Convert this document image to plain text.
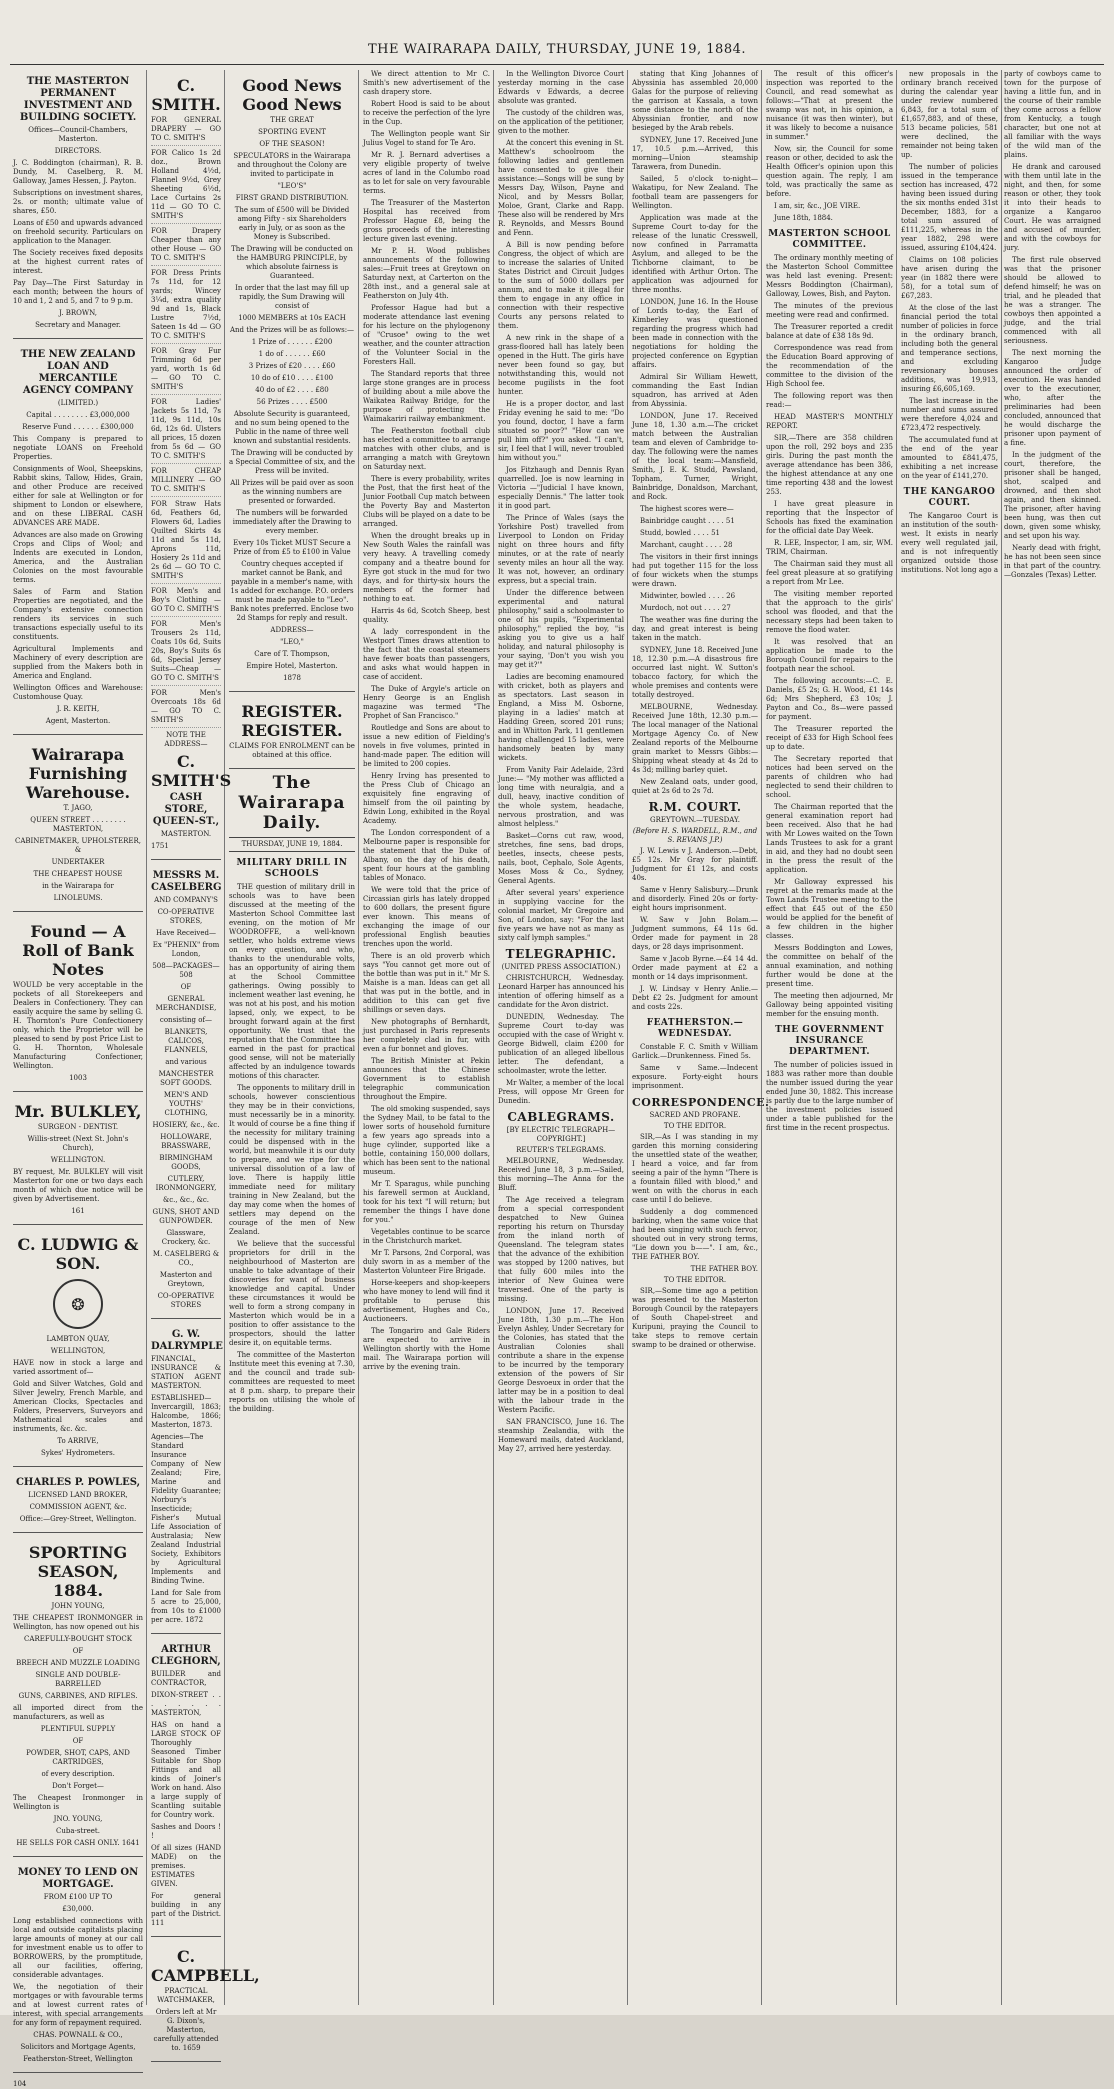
THE WAIRARAPA DAILY, THURSDAY, JUNE 19, 1884.
THE MASTERTON PERMANENT INVESTMENT AND BUILDING SOCIETY.

Offices—Council-Chambers, Masterton.

DIRECTORS.

J. C. Boddington (chairman), R. B. Dundy, M. Caselberg, R. M. Galloway, James Hessen, J. Payton.

Subscriptions on investment shares, 2s. or month; ultimate value of shares, £50.

Loans of £50 and upwards advanced on freehold security. Particulars on application to the Manager.

The Society receives fixed deposits at the highest current rates of interest.

Pay Day—The First Saturday in each month; between the hours of 10 and 1, 2 and 5, and 7 to 9 p.m.

J. BROWN,

Secretary and Manager.

THE NEW ZEALAND LOAN AND MERCANTILE AGENCY COMPANY

(LIMITED.)

Capital . . . . . . . . £3,000,000

Reserve Fund . . . . . . £300,000

This Company is prepared to negotiate LOANS on Freehold Properties.

Consignments of Wool, Sheepskins, Rabbit skins, Tallow, Hides, Grain, and other Produce are received either for sale at Wellington or for shipment to London or elsewhere, and on these LIBERAL CASH ADVANCES ARE MADE.

Advances are also made on Growing Crops and Clips of Wool; and Indents are executed in London, America, and the Australian Colonies on the most favourable terms.

Sales of Farm and Station Properties are negotiated, and the Company's extensive connection renders its services in such transactions especially useful to its constituents.

Agricultural Implements and Machinery of every description are supplied from the Makers both in America and England.

Wellington Offices and Warehouse: Customhouse Quay.

J. R. KEITH,

Agent, Masterton.

Wairarapa Furnishing Warehouse.

T. JAGO,

QUEEN STREET . . . . . . . . MASTERTON,

CABINETMAKER, UPHOLSTERER, &

UNDERTAKER

THE CHEAPEST HOUSE

in the Wairarapa for

LINOLEUMS.

Found — A Roll of Bank Notes

WOULD be very acceptable in the pockets of all Storekeepers and Dealers in Confectionery. They can easily acquire the same by selling G. H. Thornton's Pure Confectionery only, which the Proprietor will be pleased to send by post Price List to G. H. Thornton, Wholesale Manufacturing Confectioner, Wellington.

1003

Mr. BULKLEY,

SURGEON - DENTIST.

Willis-street (Next St. John's Church),

WELLINGTON.

BY request, Mr. BULKLEY will visit Masterton for one or two days each month of which due notice will be given by Advertisement.

161

C. LUDWIG & SON.
❂

LAMBTON QUAY,

WELLINGTON,

HAVE now in stock a large and varied assortment of—

Gold and Silver Watches, Gold and Silver Jewelry, French Marble, and American Clocks, Spectacles and Folders, Preservers, Surveyors and Mathematical scales and instruments, &c. &c.

To ARRIVE,

Sykes' Hydrometers.

CHARLES P. POWLES,

LICENSED LAND BROKER,

COMMISSION AGENT, &c.

Office:—Grey-Street, Wellington.

SPORTING SEASON, 1884.

JOHN YOUNG,

THE CHEAPEST IRONMONGER in Wellington, has now opened out his

CAREFULLY-BOUGHT STOCK

OF

BREECH AND MUZZLE LOADING

SINGLE AND DOUBLE-BARRELLED

GUNS, CARBINES, AND RIFLES.

all imported direct from the manufacturers, as well as

PLENTIFUL SUPPLY

OF

POWDER, SHOT, CAPS, AND CARTRIDGES,

of every description.

Don't Forget—

The Cheapest Ironmonger in Wellington is

JNO. YOUNG,

Cuba-street.

HE SELLS FOR CASH ONLY. 1641

MONEY TO LEND ON MORTGAGE.

FROM £100 UP TO

£30,000.

Long established connections with local and outside capitalists placing large amounts of money at our call for investment enable us to offer to BORROWERS, by the promptitude, all our facilities, offering, considerable advantages.

We, the negotiation of their mortgages or with favourable terms and at lowest current rates of interest, with special arrangements for any form of repayment required.

CHAS. POWNALL & CO.,

Solicitors and Mortgage Agents,

Featherston-Street, Wellington

104

C. SMITH.

FOR GENERAL DRAPERY — GO TO C. SMITH'S

FOR Calico 1s 2d doz., Brown Holland 4½d, Flannel 9½d, Grey Sheeting 6½d, Lace Curtains 2s 11d — GO TO C. SMITH'S

FOR Drapery Cheaper than any other House — GO TO C. SMITH'S

FOR Dress Prints 7s 11d, for 12 yards; Wincey 3¼d, extra quality 9d and 1s, Black Lustre 7½d, Sateen 1s 4d — GO TO C. SMITH'S

FOR Gray Fur Trimming 6d per yard, worth 1s 6d — GO TO C. SMITH'S

FOR Ladies' Jackets 5s 11d, 7s 11d, 9s 11d, 10s 6d, 12s 6d. Ulsters all prices, 15 dozen from 5s 6d — GO TO C. SMITH'S

FOR CHEAP MILLINERY — GO TO C. SMITH'S

FOR Straw Hats 6d, Feathers 6d, Flowers 6d, Ladies Quilted Skirts 4s 11d and 5s 11d, Aprons 11d, Hosiery 2s 11d and 2s 6d — GO TO C. SMITH'S

FOR Men's and Boy's Clothing — GO TO C. SMITH'S

FOR Men's Trousers 2s 11d, Coats 10s 6d, Suits 20s, Boy's Suits 6s 6d, Special Jersey Suits—Cheap — GO TO C. SMITH'S

FOR Men's Overcoats 18s 6d — GO TO C. SMITH'S

NOTE THE ADDRESS—

C. SMITH'S
CASH STORE, QUEEN-ST.,

MASTERTON.

1751

MESSRS M. CASELBERG

AND COMPANY'S

CO-OPERATIVE STORES,

Have Received—

Ex "PHENIX" from London,

508—PACKAGES—508

OF

GENERAL MERCHANDISE,

consisting of—

BLANKETS, CALICOS, FLANNELS,

and various

MANCHESTER SOFT GOODS.

MEN'S AND YOUTHS' CLOTHING,

HOSIERY, &c., &c.

HOLLOWARE, BRASSWARE,

BIRMINGHAM GOODS,

CUTLERY, IRONMONGERY,

&c., &c., &c.

GUNS, SHOT AND GUNPOWDER.

Glassware, Crockery, &c.

M. CASELBERG & CO.,

Masterton and Greytown,

CO-OPERATIVE STORES

G. W. DALRYMPLE

FINANCIAL, INSURANCE & STATION AGENT MASTERTON.

ESTABLISHED—Invercargill, 1863; Halcombe, 1866; Masterton, 1873.

Agencies—The Standard Insurance Company of New Zealand; Fire, Marine and Fidelity Guarantee; Norbury's Insecticide; Fisher's Mutual Life Association of Australasia; New Zealand Industrial Society, Exhibitors by Agricultural Implements and Binding Twine.

Land for Sale from 5 acre to 25,000, from 10s to £1000 per acre. 1872

ARTHUR CLEGHORN,

BUILDER and CONTRACTOR,

DIXON-STREET . . . . . . . . MASTERTON,

HAS on hand a LARGE STOCK OF Thoroughly Seasoned Timber Suitable for Shop Fittings and all kinds of Joiner's Work on hand. Also a large supply of Scantling suitable for Country work.

Sashes and Doors ! !

Of all sizes (HAND MADE) on the premises. ESTIMATES GIVEN.

For general building in any part of the District. 111

C. CAMPBELL,

PRACTICAL WATCHMAKER,

Orders left at Mr G. Dixon's, Masterton, carefully attended to. 1659

Good News Good News

THE GREAT

SPORTING EVENT

OF THE SEASON!

SPECULATORS in the Wairarapa and throughout the Colony are invited to participate in

"LEO'S"

FIRST GRAND DISTRIBUTION.

The sum of £500 will be Divided among Fifty - six Shareholders early in July, or as soon as the Money is Subscribed.

The Drawing will be conducted on the HAMBURG PRINCIPLE, by which absolute fairness is Guaranteed.

In order that the last may fill up rapidly, the Sum Drawing will consist of

1000 MEMBERS at 10s EACH

And the Prizes will be as follows:—

1 Prize of . . . . . . £200

1 do of . . . . . . £60

3 Prizes of £20 . . . . £60

10 do of £10 . . . . £100

40 do of £2 . . . . £80

56 Prizes . . . . £500

Absolute Security is guaranteed, and no sum being opened to the Public in the name of three well known and substantial residents.

The Drawing will be conducted by a Special Committee of six, and the Press will be invited.

All Prizes will be paid over as soon as the winning numbers are presented or forwarded.

The numbers will be forwarded immediately after the Drawing to every member.

Every 10s Ticket MUST Secure a Prize of from £5 to £100 in Value

Country cheques accepted if market cannot be Bank, and payable in a member's name, with 1s added for exchange. P.O. orders must be made payable to "Leo". Bank notes preferred. Enclose two 2d Stamps for reply and result.

ADDRESS—

"LEO,"

Care of T. Thompson,

Empire Hotel, Masterton.

1878

REGISTER. REGISTER.

CLAIMS FOR ENROLMENT can be obtained at this office.

The Wairarapa Daily.
THURSDAY, JUNE 19, 1884.
MILITARY DRILL IN SCHOOLS

THE question of military drill in schools was to have been discussed at the meeting of the Masterton School Committee last evening, on the motion of Mr WOODROFFE, a well-known settler, who holds extreme views on every question, and who, thanks to the unendurable volts, has an opportunity of airing them at the School Committee gatherings. Owing possibly to inclement weather last evening, he was not at his post, and his motion lapsed, only, we expect, to be brought forward again at the first opportunity. We trust that the reputation that the Committee has earned in the past for practical good sense, will not be materially affected by an indulgence towards motions of this character.

The opponents to military drill in schools, however conscientious they may be in their convictions, must necessarily be in a minority. It would of course be a fine thing if the necessity for military training could be dispensed with in the world, but meanwhile it is our duty to prepare, and we ripe for the universal dissolution of a law of love. There is happily little immediate need for military training in New Zealand, but the day may come when the homes of settlers may depend on the courage of the men of New Zealand.

We believe that the successful proprietors for drill in the neighbourhood of Masterton are unable to take advantage of their discoveries for want of business knowledge and capital. Under these circumstances it would be well to form a strong company in Masterton which would be in a position to offer assistance to the prospectors, should the latter desire it, on equitable terms.

The committee of the Masterton Institute meet this evening at 7.30, and the council and trade sub-committees are requested to meet at 8 p.m. sharp, to prepare their reports on utilising the whole of the building.

We direct attention to Mr C. Smith's new advertisement of the cash drapery store.

Robert Hood is said to be about to receive the perfection of the lyre in the Cup.

The Wellington people want Sir Julius Vogel to stand for Te Aro.

Mr R. J. Bernard advertises a very eligible property of twelve acres of land in the Columbo road as to let for sale on very favourable terms.

The Treasurer of the Masterton Hospital has received from Professor Hague £8, being the gross proceeds of the interesting lecture given last evening.

Mr P. H. Wood publishes announcements of the following sales:—Fruit trees at Greytown on Saturday next, at Carterton on the 28th inst., and a general sale at Featherston on July 4th.

Professor Hague had but a moderate attendance last evening for his lecture on the phylogenony of "Crusoe" owing to the wet weather, and the counter attraction of the Volunteer Social in the Foresters Hall.

The Standard reports that three large stone granges are in process of building about a mile above the Waikatea Railway Bridge, for the purpose of protecting the Waimakariri railway embankment.

The Featherston football club has elected a committee to arrange matches with other clubs, and is arranging a match with Greytown on Saturday next.

There is every probability, writes the Post, that the first heat of the Junior Football Cup match between the Poverty Bay and Masterton Clubs will be played on a date to be arranged.

When the drought breaks up in New South Wales the rainfall was very heavy. A travelling comedy company and a theatre bound for Eyre got stuck in the mud for two days, and for thirty-six hours the members of the former had nothing to eat.

Harris 4s 6d, Scotch Sheep, best quality.

A lady correspondent in the Westport Times draws attention to the fact that the coastal steamers have fewer boats than passengers, and asks what would happen in case of accident.

The Duke of Argyle's article on Henry George is an English magazine was termed "The Prophet of San Francisco."

Routledge and Sons are about to issue a new edition of Fielding's novels in five volumes, printed in hand-made paper. The edition will be limited to 200 copies.

Henry Irving has presented to the Press Club of Chicago an exquisitely fine engraving of himself from the oil painting by Edwin Long, exhibited in the Royal Academy.

The London correspondent of a Melbourne paper is responsible for the statement that the Duke of Albany, on the day of his death, spent four hours at the gambling tables of Monaco.

We were told that the price of Circassian girls has lately dropped to 600 dollars, the present figure ever known. This means of exchanging the image of our professional English beauties trenches upon the world.

There is an old proverb which says "You cannot get more out of the bottle than was put in it." Mr S. Maishe is a man. Ideas can get all that was put in the bottle, and in addition to this can get five shillings or seven days.

New photographs of Bernhardt, just purchased in Paris represents her completely clad in fur, with even a fur bonnet and gloves.

The British Minister at Pekin announces that the Chinese Government is to establish telegraphic communication throughout the Empire.

The old smoking suspended, says the Sydney Mail, to be fatal to the lower sorts of household furniture a few years ago spreads into a huge cylinder, supported like a bottle, containing 150,000 dollars, which has been sent to the national museum.

Mr T. Sparagus, while punching his farewell sermon at Auckland, took for his text "I will return; but remember the things I have done for you."

Vegetables continue to be scarce in the Christchurch market.

Mr T. Parsons, 2nd Corporal, was duly sworn in as a member of the Masterton Volunteer Fire Brigade.

Horse-keepers and shop-keepers who have money to lend will find it profitable to peruse this advertisement, Hughes and Co., Auctioneers.

The Tongariro and Gale Riders are expected to arrive in Wellington shortly with the Home mail. The Wairarapa portion will arrive by the evening train.

In the Wellington Divorce Court yesterday morning in the case Edwards v Edwards, a decree absolute was granted.

The custody of the children was, on the application of the petitioner, given to the mother.

At the concert this evening in St. Matthew's schoolroom the following ladies and gentlemen have consented to give their assistance:—Songs will be sung by Messrs Day, Wilson, Payne and Nicol, and by Messrs Bollar, Moloe, Grant, Clarke and Rapp. These also will be rendered by Mrs R. Reynolds, and Messrs Bound and Fenn.

A Bill is now pending before Congress, the object of which are to increase the salaries of United States District and Circuit Judges to the sum of 5000 dollars per annum, and to make it illegal for them to engage in any office in connection with their respective Courts any persons related to them.

A new rink in the shape of a grass-floored hall has lately been opened in the Hutt. The girls have never been found so gay, but notwithstanding this, would not become pugilists in the foot hunter.

He is a proper doctor, and last Friday evening he said to me: "Do you found, doctor, I have a farm situated so poor?" "How can we pull him off?" you asked. "I can't, sir, I feel that I will, never troubled him without you."

Jos Fitzhaugh and Dennis Ryan quarrelled. Joe is now learning in Victoria —"Judicial I have known, especially Dennis." The latter took it in good part.

The Prince of Wales (says the Yorkshire Post) travelled from Liverpool to London on Friday night on three hours and fifty minutes, or at the rate of nearly seventy miles an hour all the way. It was not, however, an ordinary express, but a special train.

Under the difference between experimental and natural philosophy," said a schoolmaster to one of his pupils, "Experimental philosophy," replied the boy, "is asking you to give us a half holiday, and natural philosophy is your saying, 'Don't you wish you may get it?'"

Ladies are becoming enamoured with cricket, both as players and as spectators. Last season in England, a Miss M. Osborne, playing in a ladies' match at Hadding Green, scored 201 runs; and in Whitton Park, 11 gentlemen having challenged 15 ladies, were handsomely beaten by many wickets.

From Vanity Fair Adelaide, 23rd June:— "My mother was afflicted a long time with neuralgia, and a dull, heavy, inactive condition of the whole system, headache, nervous prostration, and was almost helpless."

Basket—Corns cut raw, wood, stretches, fine sens, bad drops, beetles, insects, cheese pests, nails, boot, Cephalo, Sole Agents, Moses Moss & Co., Sydney, General Agents.

After several years' experience in supplying vaccine for the colonial market, Mr Gregoire and Son, of London, say: "For the last five years we have not as many as sixty calf lymph samples."

TELEGRAPHIC.
(UNITED PRESS ASSOCIATION.)

CHRISTCHURCH, Wednesday. Leonard Harper has announced his intention of offering himself as a candidate for the Avon district.

DUNEDIN, Wednesday. The Supreme Court to-day was occupied with the case of Wright v. George Bidwell, claim £200 for publication of an alleged libellous letter. The defendant, a schoolmaster, wrote the letter.

Mr Walter, a member of the local Press, will oppose Mr Green for Dunedin.

CABLEGRAMS.
[BY ELECTRIC TELEGRAPH—COPYRIGHT.]
REUTER'S TELEGRAMS.

MELBOURNE, Wednesday. Received June 18, 3 p.m.—Sailed, this morning—The Anna for the Bluff.

The Age received a telegram from a special correspondent despatched to New Guinea reporting his return on Thursday from the inland north of Queensland. The telegram states that the advance of the exhibition was stopped by 1200 natives, but that fully 600 miles into the interior of New Guinea were traversed. One of the party is missing.

LONDON, June 17. Received June 18th, 1.30 p.m.—The Hon Evelyn Ashley, Under Secretary for the Colonies, has stated that the Australian Colonies shall contribute a share in the expense to be incurred by the temporary extension of the powers of Sir George Desvoeux in order that the latter may be in a position to deal with the labour trade in the Western Pacific.

SAN FRANCISCO, June 16. The steamship Zealandia, with the Homeward mails, dated Auckland, May 27, arrived here yesterday.

stating that King Johannes of Abyssinia has assembled 20,000 Galas for the purpose of relieving the garrison at Kassala, a town some distance to the north of the Abyssinian frontier, and now besieged by the Arab rebels.

SYDNEY, June 17. Received June 17, 10.5 p.m.—Arrived, this morning—Union steamship Tarawera, from Dunedin.

Sailed, 5 o'clock to-night—Wakatipu, for New Zealand. The football team are passengers for Wellington.

Application was made at the Supreme Court to-day for the release of the lunatic Cresswell, now confined in Parramatta Asylum, and alleged to be the Tichborne claimant, to be identified with Arthur Orton. The application was adjourned for three months.

LONDON, June 16. In the House of Lords to-day, the Earl of Kimberley was questioned regarding the progress which had been made in connection with the negotiations for holding the projected conference on Egyptian affairs.

Admiral Sir William Hewett, commanding the East Indian squadron, has arrived at Aden from Abyssinia.

LONDON, June 17. Received June 18, 1.30 a.m.—The cricket match between the Australian team and eleven of Cambridge to-day. The following were the names of the local team:—Mansfield, Smith, J. E. K. Studd, Pawsland, Topham, Turner, Wright, Bainbridge, Donaldson, Marchant, and Rock.

The highest scores were—

Bainbridge caught . . . . 51

Studd, bowled . . . . 51

Marchant, caught . . . . 28

The visitors in their first innings had put together 115 for the loss of four wickets when the stumps were drawn.

Midwinter, bowled . . . . 26

Murdoch, not out . . . . 27

The weather was fine during the day, and great interest is being taken in the match.

SYDNEY, June 18. Received June 18, 12.30 p.m.—A disastrous fire occurred last night. W. Sutton's tobacco factory, for which the whole premises and contents were totally destroyed.

MELBOURNE, Wednesday. Received June 18th, 12.30 p.m.—The local manager of the National Mortgage Agency Co. of New Zealand reports of the Melbourne grain market to Messrs Gibbs:—Shipping wheat steady at 4s 2d to 4s 3d; milling barley quiet.

New Zealand oats, under good, quiet at 2s 6d to 2s 7d.

R.M. COURT.
GREYTOWN.—TUESDAY.
(Before H. S. WARDELL, R.M., and S. REVANS J.P.)

J. W. Lewis v J. Anderson.—Debt, £5 12s. Mr Gray for plaintiff. Judgment for £1 12s, and costs 40s.

Same v Henry Salisbury.—Drunk and disorderly. Fined 20s or forty-eight hours imprisonment.

W. Saw v John Bolam.—Judgment summons, £4 11s 6d. Order made for payment in 28 days, or 28 days imprisonment.

Same v Jacob Byrne.—£4 14 4d. Order made payment at £2 a month or 14 days imprisonment.

J. W. Lindsay v Henry Anlie.—Debt £2 2s. Judgment for amount and costs 22s.

FEATHERSTON.—WEDNESDAY.

Constable F. C. Smith v William Garlick.—Drunkenness. Fined 5s.

Same v Same.—Indecent exposure. Forty-eight hours imprisonment.

CORRESPONDENCE.
SACRED AND PROFANE.
TO THE EDITOR.

SIR,—As I was standing in my garden this morning considering the unsettled state of the weather, I heard a voice, and far from seeing a pair of the hymn "There is a fountain filled with blood," and went on with the chorus in each case until I do believe.

Suddenly a dog commenced barking, when the same voice that had been singing with such fervor, shouted out in very strong terms, "Lie down you b——". I am, &c., THE FATHER BOY.

THE FATHER BOY.
TO THE EDITOR.

SIR,—Some time ago a petition was presented to the Masterton Borough Council by the ratepayers of South Chapel-street and Kuripuni, praying the Council to take steps to remove certain swamp to be drained or otherwise.

The result of this officer's inspection was reported to the Council, and read somewhat as follows:—"That at present the swamp was not, in his opinion, a nuisance (it was then winter), but it was likely to become a nuisance in summer."

Now, sir, the Council for some reason or other, decided to ask the Health Officer's opinion upon this question again. The reply, I am told, was practically the same as before.

I am, sir, &c., JOE VIRE.

June 18th, 1884.

MASTERTON SCHOOL COMMITTEE.

The ordinary monthly meeting of the Masterton School Committee was held last evening. Present: Messrs Boddington (Chairman), Galloway, Lowes, Bish, and Payton.

The minutes of the previous meeting were read and confirmed.

The Treasurer reported a credit balance at date of £38 18s 9d.

Correspondence was read from the Education Board approving of the recommendation of the committee to the division of the High School fee.

The following report was then read:—

HEAD MASTER'S MONTHLY REPORT.

SIR,—There are 358 children upon the roll, 292 boys and 235 girls. During the past month the average attendance has been 386, the highest attendance at any one time reporting 438 and the lowest 253.

I have great pleasure in reporting that the Inspector of Schools has fixed the examination for the official date Day Week.

R. LEE, Inspector, I am, sir, WM. TRIM, Chairman.

The Chairman said they must all feel great pleasure at so gratifying a report from Mr Lee.

The visiting member reported that the approach to the girls' school was flooded, and that the necessary steps had been taken to remove the flood water.

It was resolved that an application be made to the Borough Council for repairs to the footpath near the school.

The following accounts:—C. E. Daniels, £5 2s; G. H. Wood, £1 14s 6d; Mrs Shepherd, £3 10s; J. Payton and Co., 8s—were passed for payment.

The Treasurer reported the receipt of £33 for High School fees up to date.

The Secretary reported that notices had been served on the parents of children who had neglected to send their children to school.

The Chairman reported that the general examination report had been received. Also that he had with Mr Lowes waited on the Town Lands Trustees to ask for a grant in aid, and they had no doubt seen in the press the result of the application.

Mr Galloway expressed his regret at the remarks made at the Town Lands Trustee meeting to the effect that £45 out of the £50 would be applied for the benefit of a few children in the higher classes.

Messrs Boddington and Lowes, the committee on behalf of the annual examination, and nothing further would be done at the present time.

The meeting then adjourned, Mr Galloway being appointed visiting member for the ensuing month.

THE GOVERNMENT INSURANCE DEPARTMENT.

The number of policies issued in 1883 was rather more than double the number issued during the year ended June 30, 1882. This increase is partly due to the large number of the investment policies issued under a table published for the first time in the recent prospectus.

new proposals in the ordinary branch received during the calendar year under review numbered 6,843, for a total sum of £1,657,883, and of these, 513 became policies, 581 were declined, the remainder not being taken up.

The number of policies issued in the temperance section has increased, 472 having been issued during the six months ended 31st December, 1883, for a total sum assured of £111,225, whereas in the year 1882, 298 were issued, assuring £104,424.

Claims on 108 policies have arisen during the year (in 1882 there were 58), for a total sum of £67,283.

At the close of the last financial period the total number of policies in force in the ordinary branch, including both the general and temperance sections, and excluding reversionary bonuses additions, was 19,913, insuring £6,605,169.

The last increase in the number and sums assured were therefore 4,024 and £723,472 respectively.

The accumulated fund at the end of the year amounted to £841,475, exhibiting a net increase on the year of £141,270.

THE KANGAROO COURT.

The Kangaroo Court is an institution of the south-west. It exists in nearly every well regulated jail, and is not infrequently organized outside those institutions. Not long ago a party of cowboys came to town for the purpose of having a little fun, and in the course of their ramble they come across a fellow from Kentucky, a tough character, but one not at all familiar with the ways of the wild man of the plains.

He drank and caroused with them until late in the night, and then, for some reason or other, they took it into their heads to organize a Kangaroo Court. He was arraigned and accused of murder, and with the cowboys for jury.

The first rule observed was that the prisoner should be allowed to defend himself; he was on trial, and he pleaded that he was a stranger. The cowboys then appointed a judge, and the trial commenced with all seriousness.

The next morning the Kangaroo Judge announced the order of execution. He was handed over to the executioner, who, after the preliminaries had been concluded, announced that he would discharge the prisoner upon payment of a fine.

In the judgment of the court, therefore, the prisoner shall be hanged, shot, scalped and drowned, and then shot again, and then skinned. The prisoner, after having been hung, was then cut down, given some whisky, and set upon his way.

Nearly dead with fright, he has not been seen since in that part of the country.—Gonzales (Texas) Letter.
